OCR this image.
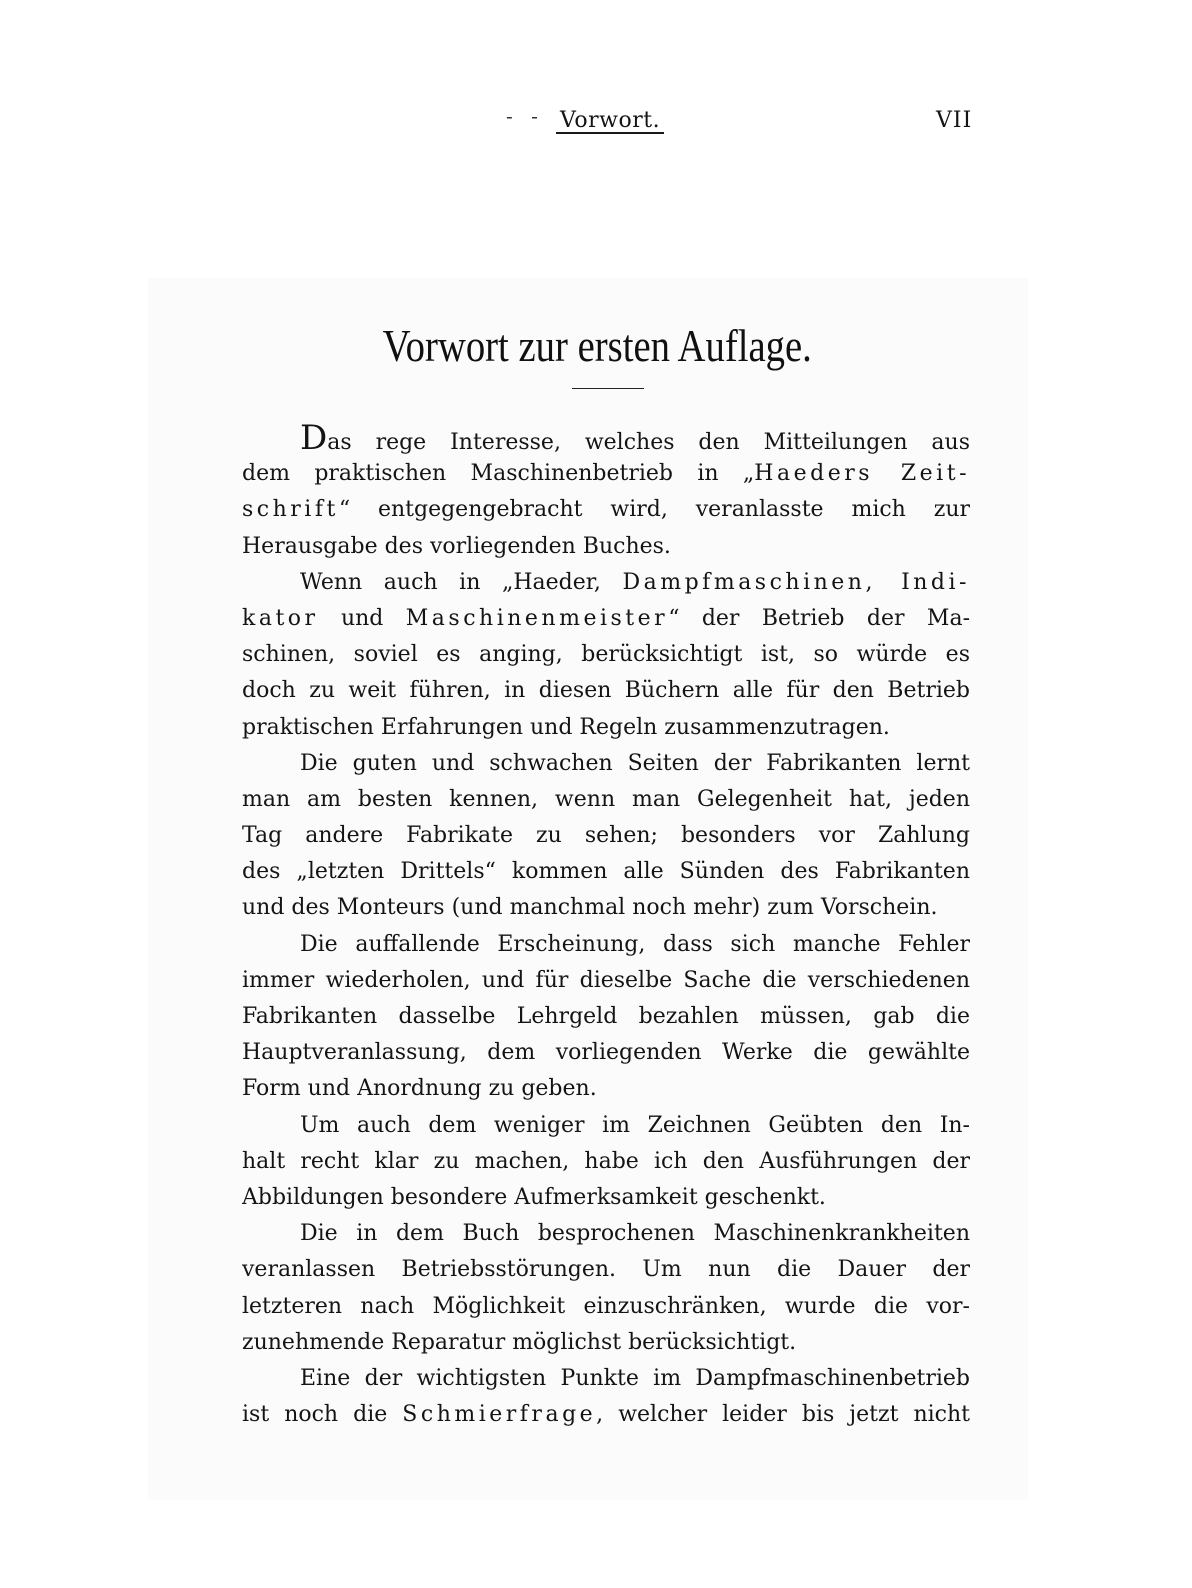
- - Vorwort.	VII
Vorwort zur ersten Auflage.
Das rege Interesse, welches den Mitteilungen aus
dem praktischen Maschinenbetrieb in „Haeders Zeit-
schrift“ entgegengebracht wird, veranlasste mich zur
Herausgabe des vorliegenden Buches.
Wenn auch in „Haeder, Dampfmaschinen, Indi-
kator und Maschinenmeister“ der Betrieb der Ma-
schinen, soviel es anging, berücksichtigt ist, so würde es
doch zu weit führen, in diesen Büchern alle für den Betrieb
praktischen Erfahrungen und Regeln zusammenzutragen.
Die guten und schwachen Seiten der Fabrikanten lernt
man am besten kennen, wenn man Gelegenheit hat, jeden
Tag andere Fabrikate zu sehen; besonders vor Zahlung
des „letzten Drittels“ kommen alle Sünden des Fabrikanten
und des Monteurs (und manchmal noch mehr) zum Vorschein.
Die auffallende Erscheinung, dass sich manche Fehler
immer wiederholen, und für dieselbe Sache die verschiedenen
Fabrikanten dasselbe Lehrgeld bezahlen müssen, gab die
Hauptveranlassung, dem vorliegenden Werke die gewählte
Form und Anordnung zu geben.
Um auch dem weniger im Zeichnen Geübten den In-
halt recht klar zu machen, habe ich den Ausführungen der
Abbildungen besondere Aufmerksamkeit geschenkt.
Die in dem Buch besprochenen Maschinenkrankheiten
veranlassen Betriebsstörungen. Um nun die Dauer der
letzteren nach Möglichkeit einzuschränken, wurde die vor-
zunehmende Reparatur möglichst berücksichtigt.
Eine der wichtigsten Punkte im Dampfmaschinenbetrieb
ist noch die Schmierfrage, welcher leider bis jetzt nicht
